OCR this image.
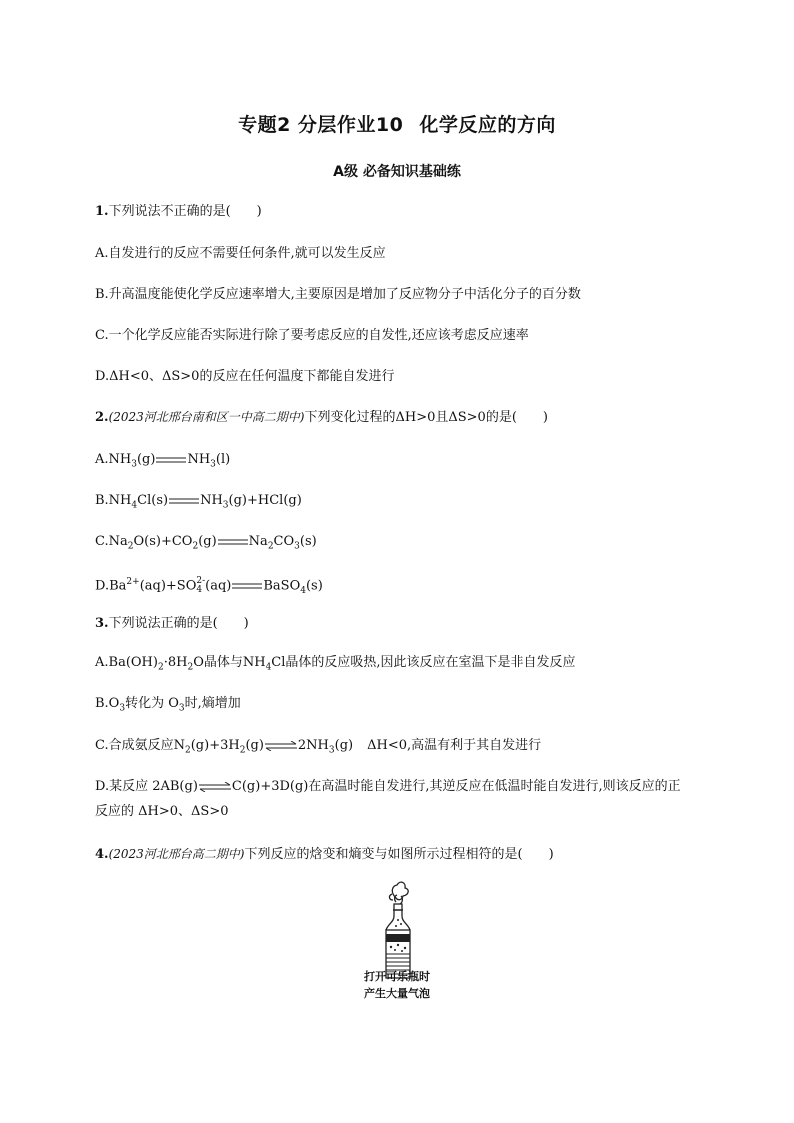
专题2 分层作业10 化学反应的方向
A级 必备知识基础练
1.下列说法不正确的是( )
A.自发进行的反应不需要任何条件,就可以发生反应
B.升高温度能使化学反应速率增大,主要原因是增加了反应物分子中活化分子的百分数
C.一个化学反应能否实际进行除了要考虑反应的自发性,还应该考虑反应速率
D.ΔH<0、ΔS>0的反应在任何温度下都能自发进行
2.(2023河北邢台南和区一中高二期中)下列变化过程的ΔH>0且ΔS>0的是( )
$A.NH_3(g)$ $NH_3(l)$
$B.NH_4Cl(s)$ $NH_3(g)+HCl(g)$
$C.Na_2O(s)+CO_2(g)$ $Na_2CO_3(s)$
$D.Ba^{2+}(aq)+SO2-$
4 (aq) BaSO$_4$(s)
3.下列说法正确的是( )
$A.Ba(OH)_2\cdot 8H_2O$晶体与$NH_4Cl$晶体的反应吸热,因此该反应在室温下是非自发反应
$B.O_3$转化为 $O_3$时,熵增加
C.合成氨反应$N_2(g)+3H_2(g)\rightleftharpoons 2NH_3(g)$ ΔH<0,高温有利于其自发进行
D.某反应 2AB(g)⇌C(g)+3D(g)在高温时能自发进行,其逆反应在低温时能自发进行,则该反应的正
反应的 ΔH>0、ΔS>0
4.(2023河北邢台高二期中)下列反应的焓变和熵变与如图所示过程相符的是( )
打开可乐瓶时
产生大量气泡
